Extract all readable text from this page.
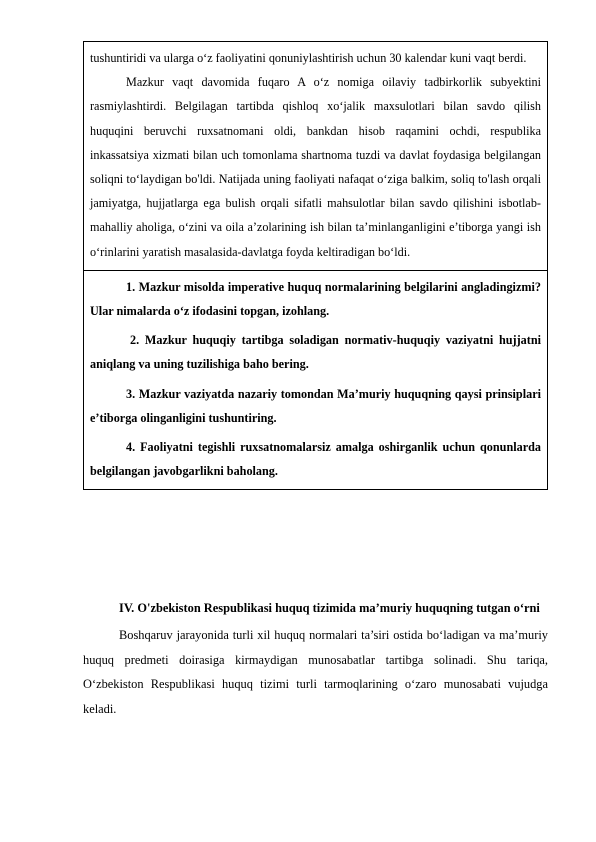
tushuntiridi va ularga o‘z faoliyatini qonuniylashtirish uchun 30 kalendar kuni vaqt berdi.

Mazkur vaqt davomida fuqaro A o‘z nomiga oilaviy tadbirkorlik subyektini rasmiylashtirdi. Belgilagan tartibda qishloq xo‘jalik maxsulotlari bilan savdo qilish huquqini beruvchi ruxsatnomani oldi, bankdan hisob raqamini ochdi, respublika inkassatsiya xizmati bilan uch tomonlama shartnoma tuzdi va davlat foydasiga belgilangan soliqni to‘laydigan bo'ldi. Natijada uning faoliyati nafaqat o‘ziga balkim, soliq to'lash orqali jamiyatga, hujjatlarga ega bulish orqali sifatli mahsulotlar bilan savdo qilishini isbotlab-mahalliy aholiga, o‘zini va oila a’zolarining ish bilan ta’minlanganligini e’tiborga yangi ish o‘rinlarini yaratish masalasida-davlatga foyda keltiradigan bo‘ldi.

1. Mazkur misolda imperative huquq normalarining belgilarini angladingizmi? Ular nimalarda o‘z ifodasini topgan, izohlang.

2. Mazkur huquqiy tartibga soladigan normativ-huquqiy vaziyatni hujjatni aniqlang va uning tuzilishiga baho bering.

3. Mazkur vaziyatda nazariy tomondan Ma’muriy huquqning qaysi prinsiplari e’tiborga olinganligini tushuntiring.

4. Faoliyatni tegishli ruxsatnomalarsiz amalga oshirganlik uchun qonunlarda belgilangan javobgarlikni baholang.

IV. O'zbekiston Respublikasi huquq tizimida ma’muriy huquqning tutgan o‘rni

Boshqaruv jarayonida turli xil huquq normalari ta’siri ostida bo‘ladigan va ma’muriy huquq predmeti doirasiga kirmaydigan munosabatlar tartibga solinadi. Shu tariqa, O‘zbekiston Respublikasi huquq tizimi turli tarmoqlarining o‘zaro munosabati vujudga keladi.
